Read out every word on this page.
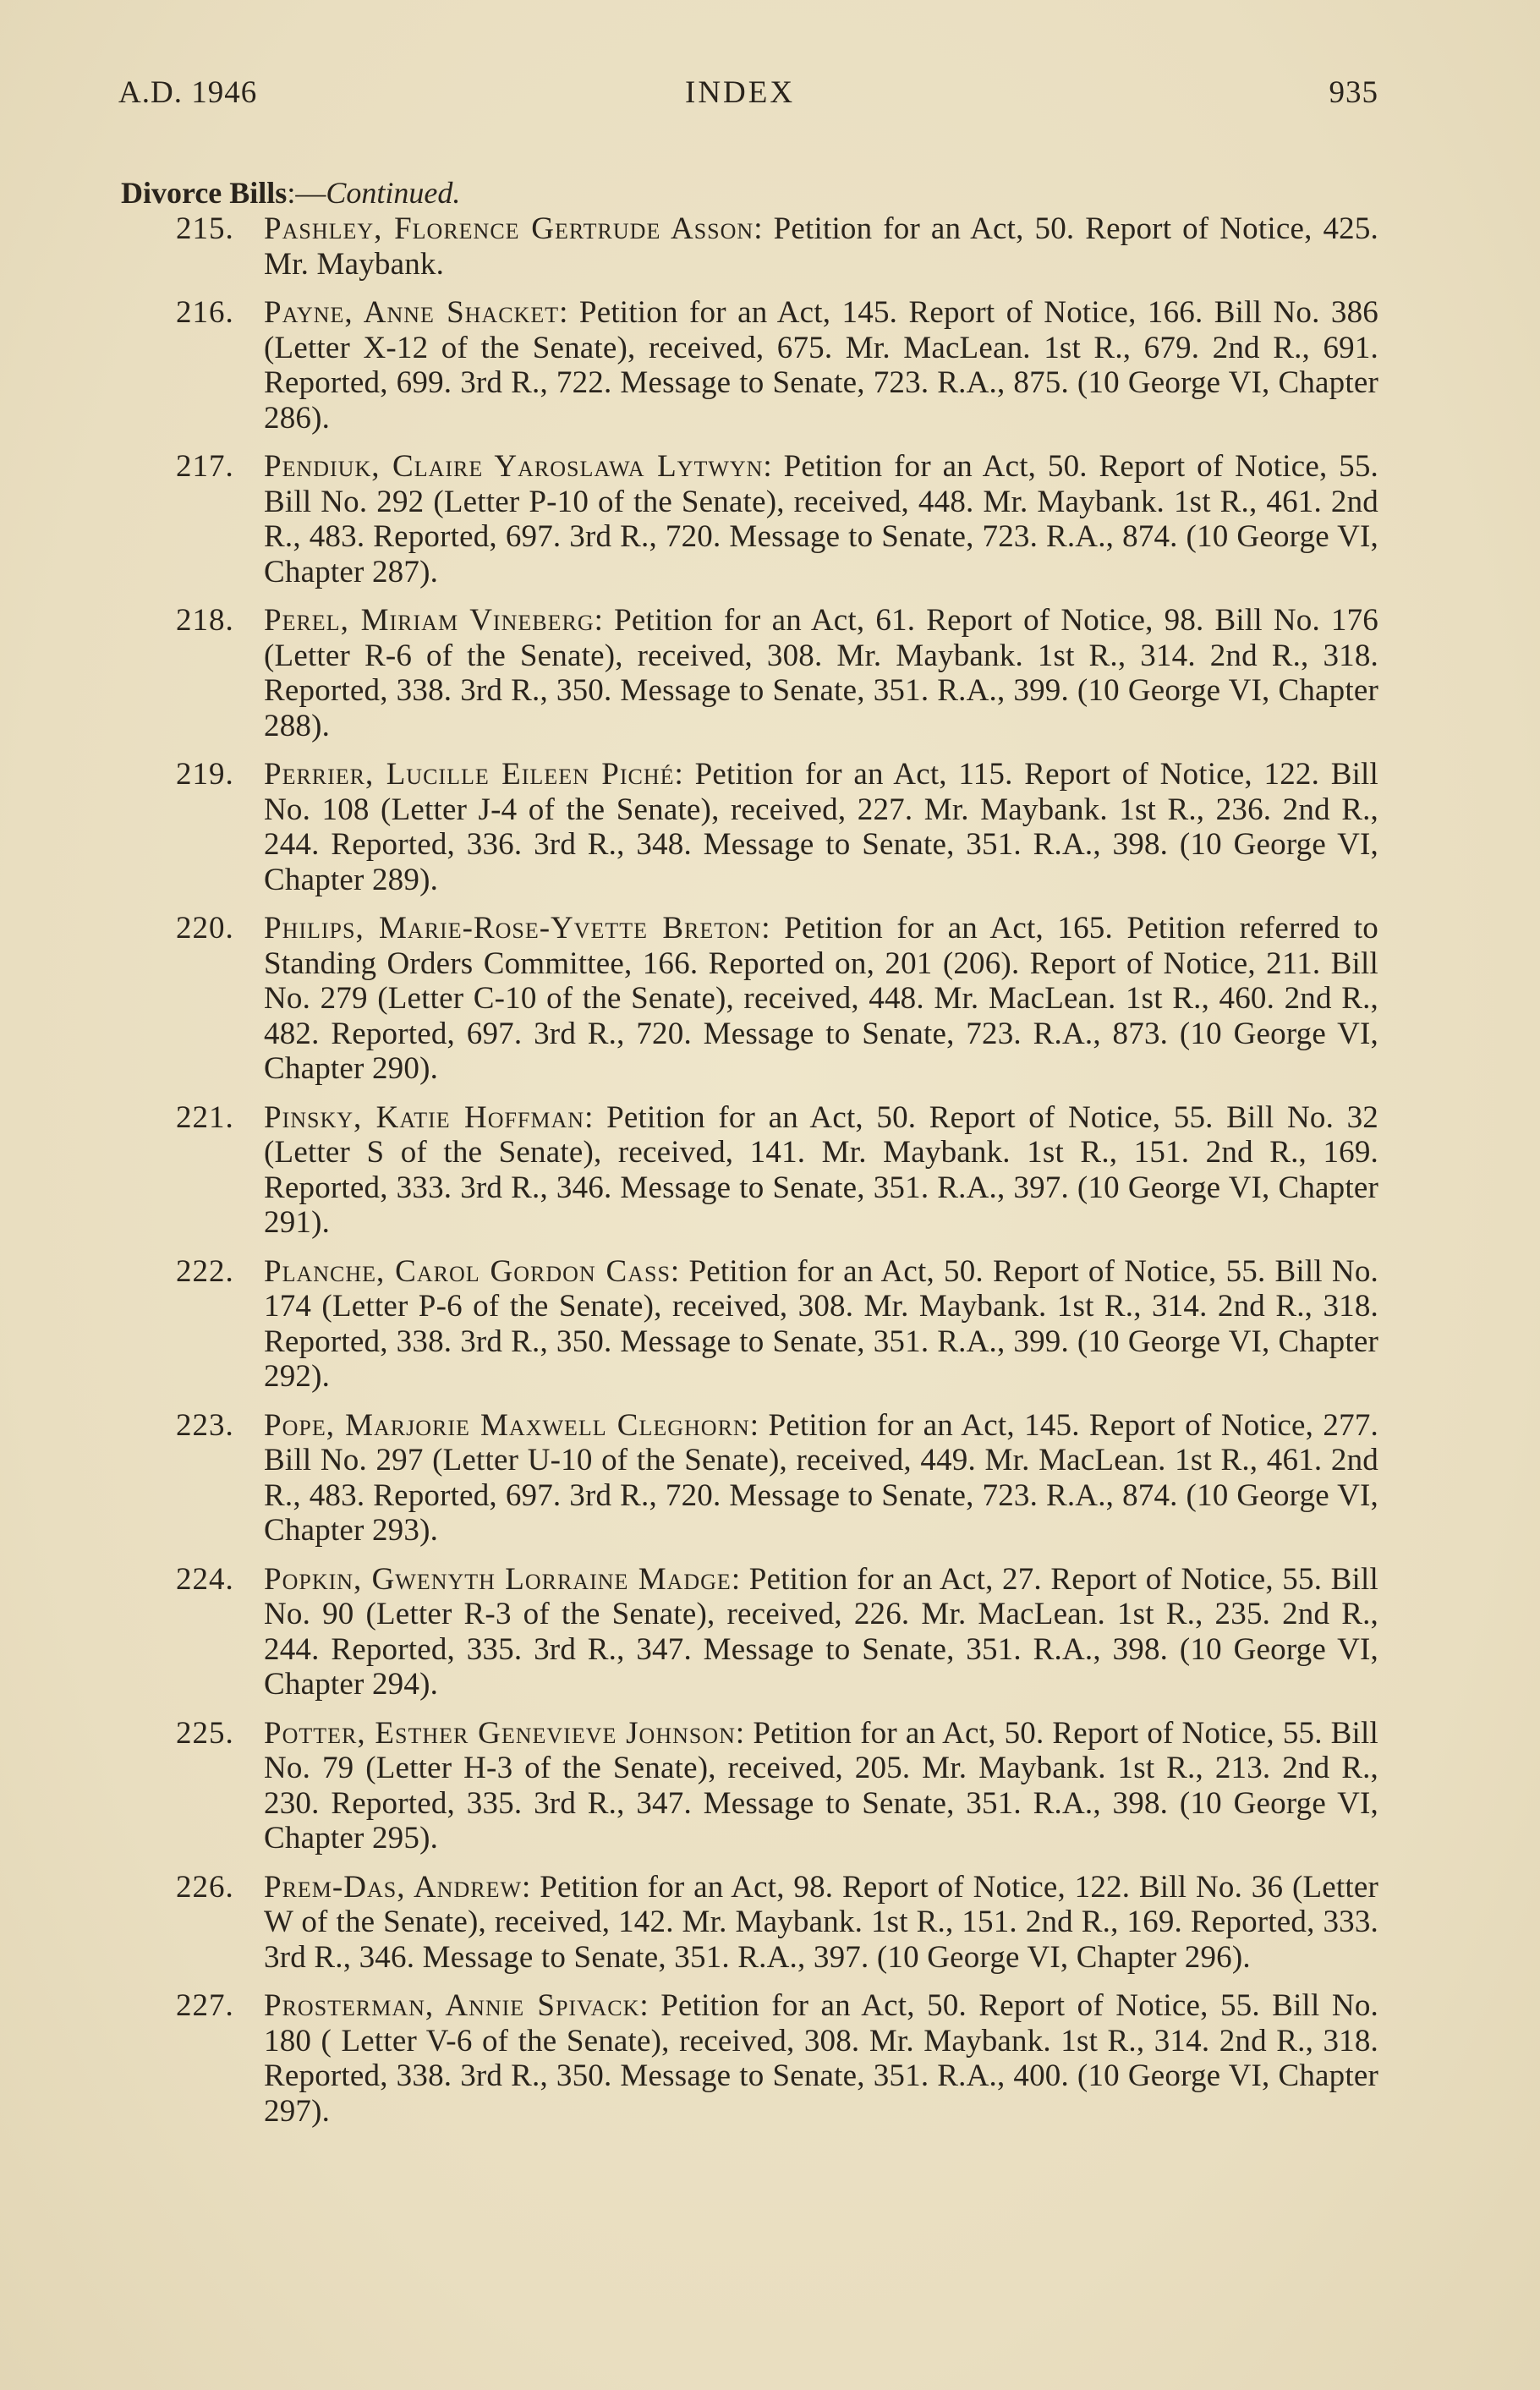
A.D. 1946	INDEX	935
Divorce Bills:—Continued.
215. Pashley, Florence Gertrude Asson: Petition for an Act, 50. Report of Notice, 425. Mr. Maybank.
216. Payne, Anne Shacket: Petition for an Act, 145. Report of Notice, 166. Bill No. 386 (Letter X-12 of the Senate), received, 675. Mr. MacLean. 1st R., 679. 2nd R., 691. Reported, 699. 3rd R., 722. Message to Senate, 723. R.A., 875. (10 George VI, Chapter 286).
217. Pendiuk, Claire Yaroslawa Lytwyn: Petition for an Act, 50. Report of Notice, 55. Bill No. 292 (Letter P-10 of the Senate), received, 448. Mr. Maybank. 1st R., 461. 2nd R., 483. Reported, 697. 3rd R., 720. Message to Senate, 723. R.A., 874. (10 George VI, Chapter 287).
218. Perel, Miriam Vineberg: Petition for an Act, 61. Report of Notice, 98. Bill No. 176 (Letter R-6 of the Senate), received, 308. Mr. Maybank. 1st R., 314. 2nd R., 318. Reported, 338. 3rd R., 350. Message to Senate, 351. R.A., 399. (10 George VI, Chapter 288).
219. Perrier, Lucille Eileen Piché: Petition for an Act, 115. Report of Notice, 122. Bill No. 108 (Letter J-4 of the Senate), received, 227. Mr. Maybank. 1st R., 236. 2nd R., 244. Reported, 336. 3rd R., 348. Message to Senate, 351. R.A., 398. (10 George VI, Chapter 289).
220. Philips, Marie-Rose-Yvette Breton: Petition for an Act, 165. Petition referred to Standing Orders Committee, 166. Reported on, 201 (206). Report of Notice, 211. Bill No. 279 (Letter C-10 of the Senate), received, 448. Mr. MacLean. 1st R., 460. 2nd R., 482. Reported, 697. 3rd R., 720. Message to Senate, 723. R.A., 873. (10 George VI, Chapter 290).
221. Pinsky, Katie Hoffman: Petition for an Act, 50. Report of Notice, 55. Bill No. 32 (Letter S of the Senate), received, 141. Mr. Maybank. 1st R., 151. 2nd R., 169. Reported, 333. 3rd R., 346. Message to Senate, 351. R.A., 397. (10 George VI, Chapter 291).
222. Planche, Carol Gordon Cass: Petition for an Act, 50. Report of Notice, 55. Bill No. 174 (Letter P-6 of the Senate), received, 308. Mr. Maybank. 1st R., 314. 2nd R., 318. Reported, 338. 3rd R., 350. Message to Senate, 351. R.A., 399. (10 George VI, Chapter 292).
223. Pope, Marjorie Maxwell Cleghorn: Petition for an Act, 145. Report of Notice, 277. Bill No. 297 (Letter U-10 of the Senate), received, 449. Mr. MacLean. 1st R., 461. 2nd R., 483. Reported, 697. 3rd R., 720. Message to Senate, 723. R.A., 874. (10 George VI, Chapter 293).
224. Popkin, Gwenyth Lorraine Madge: Petition for an Act, 27. Report of Notice, 55. Bill No. 90 (Letter R-3 of the Senate), received, 226. Mr. MacLean. 1st R., 235. 2nd R., 244. Reported, 335. 3rd R., 347. Message to Senate, 351. R.A., 398. (10 George VI, Chapter 294).
225. Potter, Esther Genevieve Johnson: Petition for an Act, 50. Report of Notice, 55. Bill No. 79 (Letter H-3 of the Senate), received, 205. Mr. Maybank. 1st R., 213. 2nd R., 230. Reported, 335. 3rd R., 347. Message to Senate, 351. R.A., 398. (10 George VI, Chapter 295).
226. Prem-Das, Andrew: Petition for an Act, 98. Report of Notice, 122. Bill No. 36 (Letter W of the Senate), received, 142. Mr. Maybank. 1st R., 151. 2nd R., 169. Reported, 333. 3rd R., 346. Message to Senate, 351. R.A., 397. (10 George VI, Chapter 296).
227. Prosterman, Annie Spivack: Petition for an Act, 50. Report of Notice, 55. Bill No. 180 ( Letter V-6 of the Senate), received, 308. Mr. Maybank. 1st R., 314. 2nd R., 318. Reported, 338. 3rd R., 350. Message to Senate, 351. R.A., 400. (10 George VI, Chapter 297).
